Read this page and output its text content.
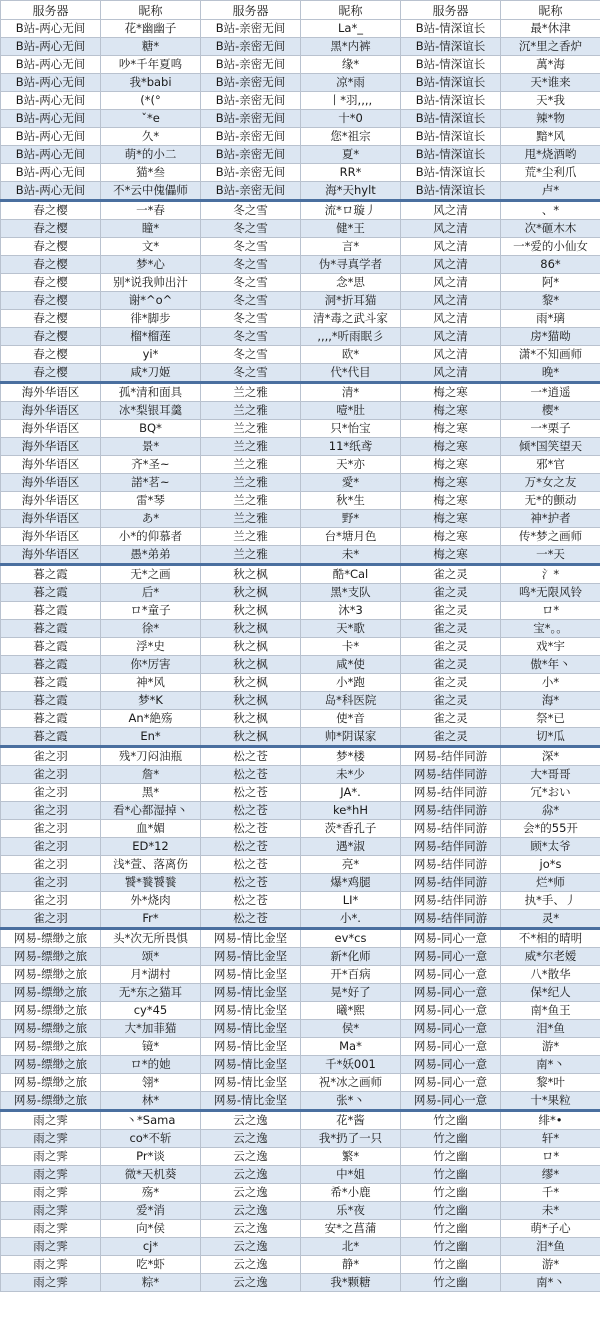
服务器	昵称	服务器	昵称	服务器	昵称
B站-两心无间	花*幽幽子	B站-亲密无间	La*_	B站-情深谊长	最*休津
B站-两心无间	糖*	B站-亲密无间	黑*内裤	B站-情深谊长	沉*里之香炉
B站-两心无间	吵*千年夏鸣	B站-亲密无间	缘*	B站-情深谊长	萬*海
B站-两心无间	我*babi	B站-亲密无间	凉*雨	B站-情深谊长	天*谁来
B站-两心无间	(*(°	B站-亲密无间	丨*羽,,,,	B站-情深谊长	天*我
B站-两心无间	ˇ*e	B站-亲密无间	十*0	B站-情深谊长	辣*物
B站-两心无间	久*	B站-亲密无间	您*祖宗	B站-情深谊长	黯*风
B站-两心无间	萌*的小二	B站-亲密无间	夏*	B站-情深谊长	甩*烧酒哟
B站-两心无间	猫*叁	B站-亲密无间	RR*	B站-情深谊长	荒*尘利爪
B站-两心无间	不*云中傀儡师	B站-亲密无间	海*天hylt	B站-情深谊长	卢*
春之樱	一*春	冬之雪	流*ロ璇丿	风之清	、*
春之樱	瞳*	冬之雪	健*王	风之清	次*砸木木
春之樱	文*	冬之雪	言*	风之清	一*爱的小仙女
春之樱	梦*心	冬之雪	伪*寻真学者	风之清	86*
春之樱	别*说我帅出汁	冬之雪	念*思	风之清	阿*
春之樱	谢*^o^	冬之雪	洞*折耳猫	风之清	黎*
春之樱	徘*脚步	冬之雪	清*毒之武斗家	风之清	雨*璃
春之樱	榴*榴莲	冬之雪	,,,,*听雨眠彡	风之清	房*猫呦
春之樱	yi*	冬之雪	欧*	风之清	潇*不知画师
春之樱	咸*刀姬	冬之雪	代*代目	风之清	晚*
海外华语区	孤*清和面具	兰之雅	清*	梅之寒	一*逍遥
海外华语区	冰*梨银耳羹	兰之雅	噎*肚	梅之寒	樱*
海外华语区	BQ*	兰之雅	只*怡宝	梅之寒	一*栗子
海外华语区	景*	兰之雅	11*纸鸢	梅之寒	倾*国笑望天
海外华语区	齐*圣~	兰之雅	天*亦	梅之寒	邪*官
海外华语区	諾*茗~	兰之雅	愛*	梅之寒	万*女之友
海外华语区	雷*琴	兰之雅	秋*生	梅之寒	无*的颤动
海外华语区	あ*	兰之雅	野*	梅之寒	神*护者
海外华语区	小*的仰慕者	兰之雅	台*塘月色	梅之寒	传*梦之画师
海外华语区	愚*弟弟	兰之雅	未*	梅之寒	一*天
暮之霞	无*之画	秋之枫	酷*Cal	雀之灵	氵*
暮之霞	后*	秋之枫	黑*支队	雀之灵	鸣*无限风铃
暮之霞	ロ*童子	秋之枫	沐*3	雀之灵	ロ*
暮之霞	徐*	秋之枫	天*歌	雀之灵	宝*。。
暮之霞	浮*史	秋之枫	卡*	雀之灵	戏*宇
暮之霞	你*厉害	秋之枫	咸*使	雀之灵	傲*年丶
暮之霞	神*风	秋之枫	小*跑	雀之灵	小*
暮之霞	梦*K	秋之枫	岛*科医院	雀之灵	海*
暮之霞	An*絶殇	秋之枫	使*音	雀之灵	祭*已
暮之霞	En*	秋之枫	帅*阴谋家	雀之灵	切*瓜
雀之羽	残*刀闷油瓶	松之苍	梦*楼	网易-结伴同游	深*
雀之羽	詹*	松之苍	未*少	网易-结伴同游	大*哥哥
雀之羽	黑*	松之苍	JA*.	网易-结伴同游	冗*おい
雀之羽	看*心都湿掉丶	松之苍	ke*hH	网易-结伴同游	尛*
雀之羽	血*媚	松之苍	茨*香孔子	网易-结伴同游	会*的55开
雀之羽	ED*12	松之苍	遇*淑	网易-结伴同游	顾*太爷
雀之羽	浅*萱、落离伤	松之苍	亮*	网易-结伴同游	jo*s
雀之羽	饕*餮饕餮	松之苍	爆*鸡腿	网易-结伴同游	烂*师
雀之羽	外*烧肉	松之苍	LI*	网易-结伴同游	执*手、丿
雀之羽	Fr*	松之苍	小*.	网易-结伴同游	灵*
网易-缥缈之旅	头*次无所畏惧	网易-情比金坚	ev*cs	网易-同心一意	不*相的晴明
网易-缥缈之旅	颂*	网易-情比金坚	新*化师	网易-同心一意	威*尔老嫒
网易-缥缈之旅	月*湖村	网易-情比金坚	开*百病	网易-同心一意	八*散华
网易-缥缈之旅	无*东之猫耳	网易-情比金坚	晃*好了	网易-同心一意	保*纪人
网易-缥缈之旅	cy*45	网易-情比金坚	曦*熙	网易-同心一意	南*鱼王
网易-缥缈之旅	大*加菲猫	网易-情比金坚	侯*	网易-同心一意	泪*鱼
网易-缥缈之旅	镜*	网易-情比金坚	Ma*	网易-同心一意	游*
网易-缥缈之旅	ロ*的她	网易-情比金坚	千*妖001	网易-同心一意	南*丶
网易-缥缈之旅	翎*	网易-情比金坚	祝*冰之画师	网易-同心一意	黎*叶
网易-缥缈之旅	林*	网易-情比金坚	张*丶	网易-同心一意	十*果粒
雨之霁	丶*Sama	云之逸	花*酱	竹之幽	绯*•
雨之霁	co*不斩	云之逸	我*扔了一只	竹之幽	轩*
雨之霁	Pr*谈	云之逸	繁*	竹之幽	ロ*
雨之霁	微*天机葵	云之逸	中*姐	竹之幽	缪*
雨之霁	殇*	云之逸	希*小鹿	竹之幽	千*
雨之霁	爱*消	云之逸	乐*夜	竹之幽	未*
雨之霁	向*侯	云之逸	安*之菖蒲	竹之幽	萌*子心
雨之霁	cj*	云之逸	北*	竹之幽	泪*鱼
雨之霁	吃*虾	云之逸	静*	竹之幽	游*
雨之霁	粽*	云之逸	我*颗糖	竹之幽	南*丶
